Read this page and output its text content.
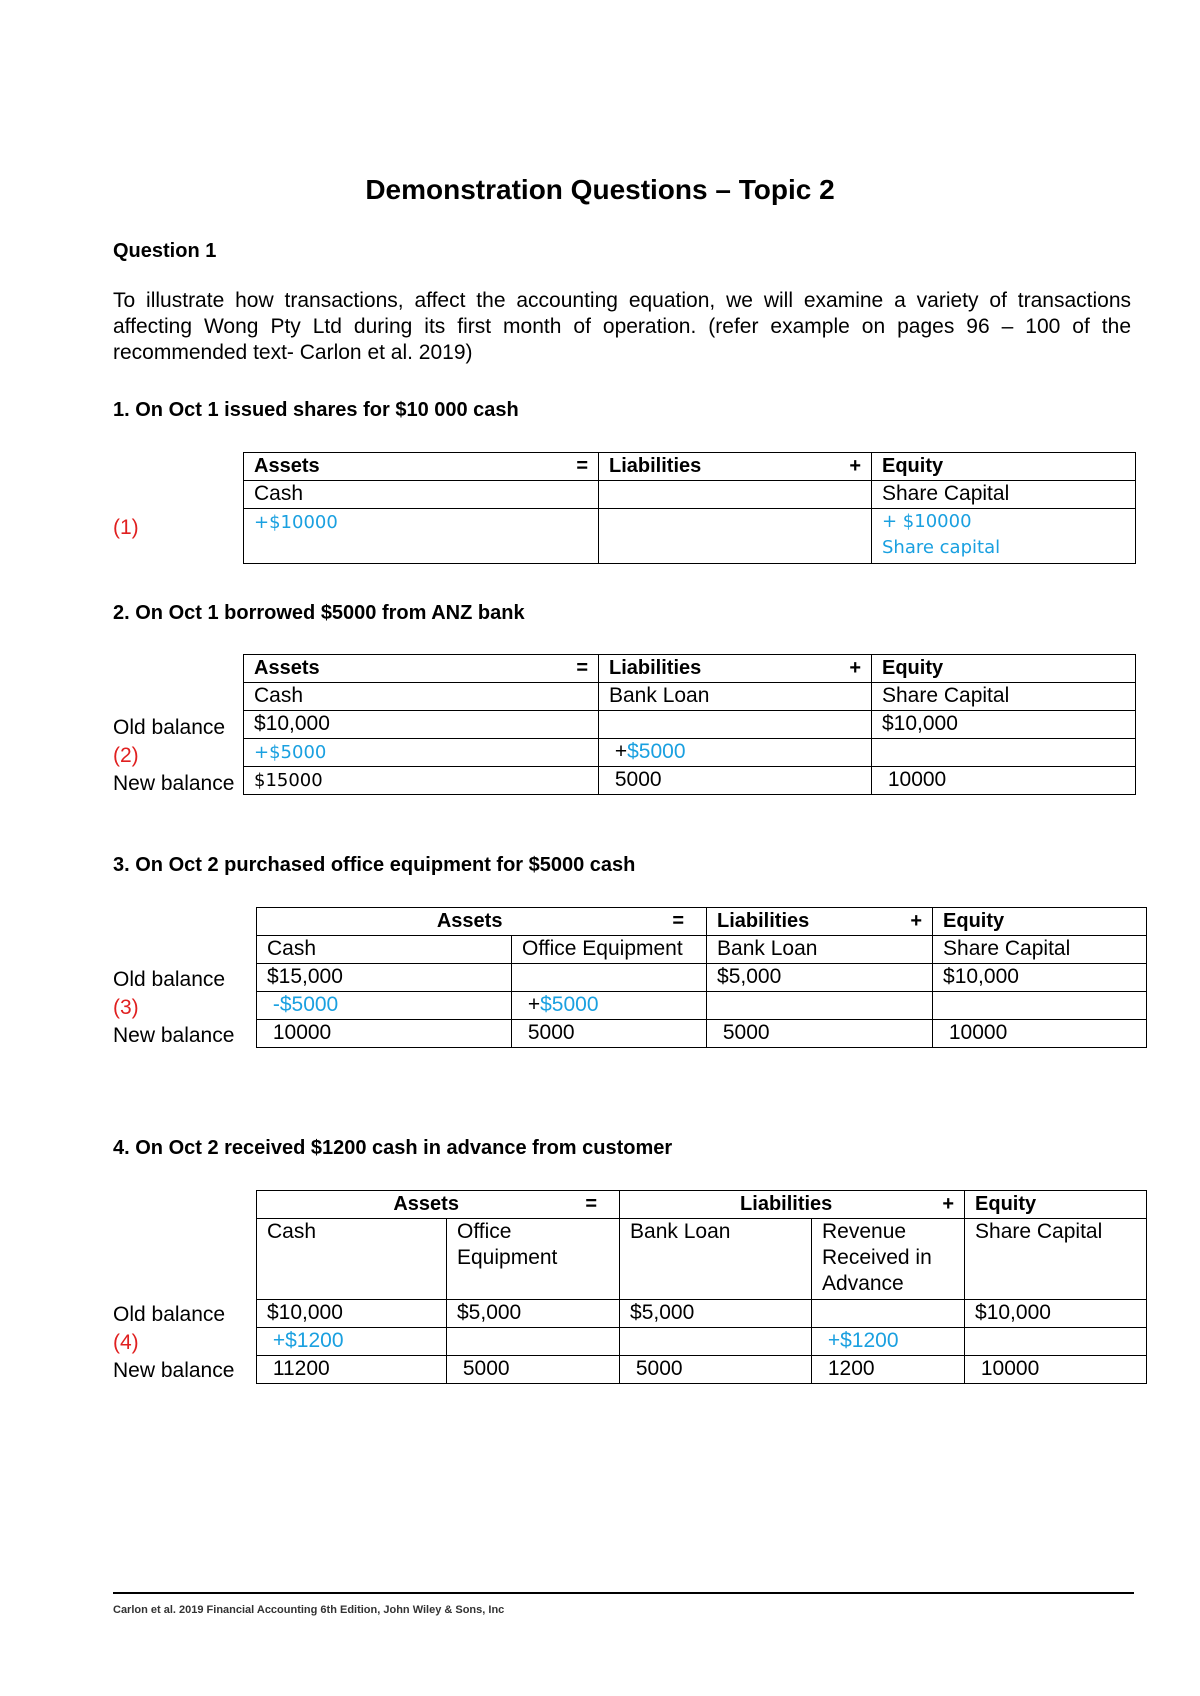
Demonstration Questions – Topic 2
Question 1
To illustrate how transactions, affect the accounting equation, we will examine a variety of transactions affecting Wong Pty Ltd during its first month of operation. (refer example on pages 96 – 100 of the recommended text- Carlon et al. 2019)
1. On Oct 1 issued shares for $10 000 cash
(1)
Assets =	Liabilities +	Equity
Cash		Share Capital
+$10000		+ $10000
Share capital
2. On Oct 1 borrowed $5000 from ANZ bank
Old balance
(2)
New balance
Assets =	Liabilities +	Equity
Cash	Bank Loan	Share Capital
$10,000		$10,000
+$5000	+$5000	
$15000	5000	10000
3. On Oct 2 purchased office equipment for $5000 cash
Old balance
(3)
New balance
Assets =		Liabilities +	Equity
Cash	Office Equipment	Bank Loan	Share Capital
$15,000		$5,000	$10,000
-$5000	+$5000		
10000	5000	5000	10000
4. On Oct 2 received $1200 cash in advance from customer
Old balance
(4)
New balance
Assets =		Liabilities +		Equity
Cash	Office Equipment	Bank Loan	Revenue Received in Advance	Share Capital
$10,000	$5,000	$5,000		$10,000
+$1200			+$1200	
11200	5000	5000	1200	10000
Carlon et al. 2019 Financial Accounting 6th Edition, John Wiley & Sons, Inc
